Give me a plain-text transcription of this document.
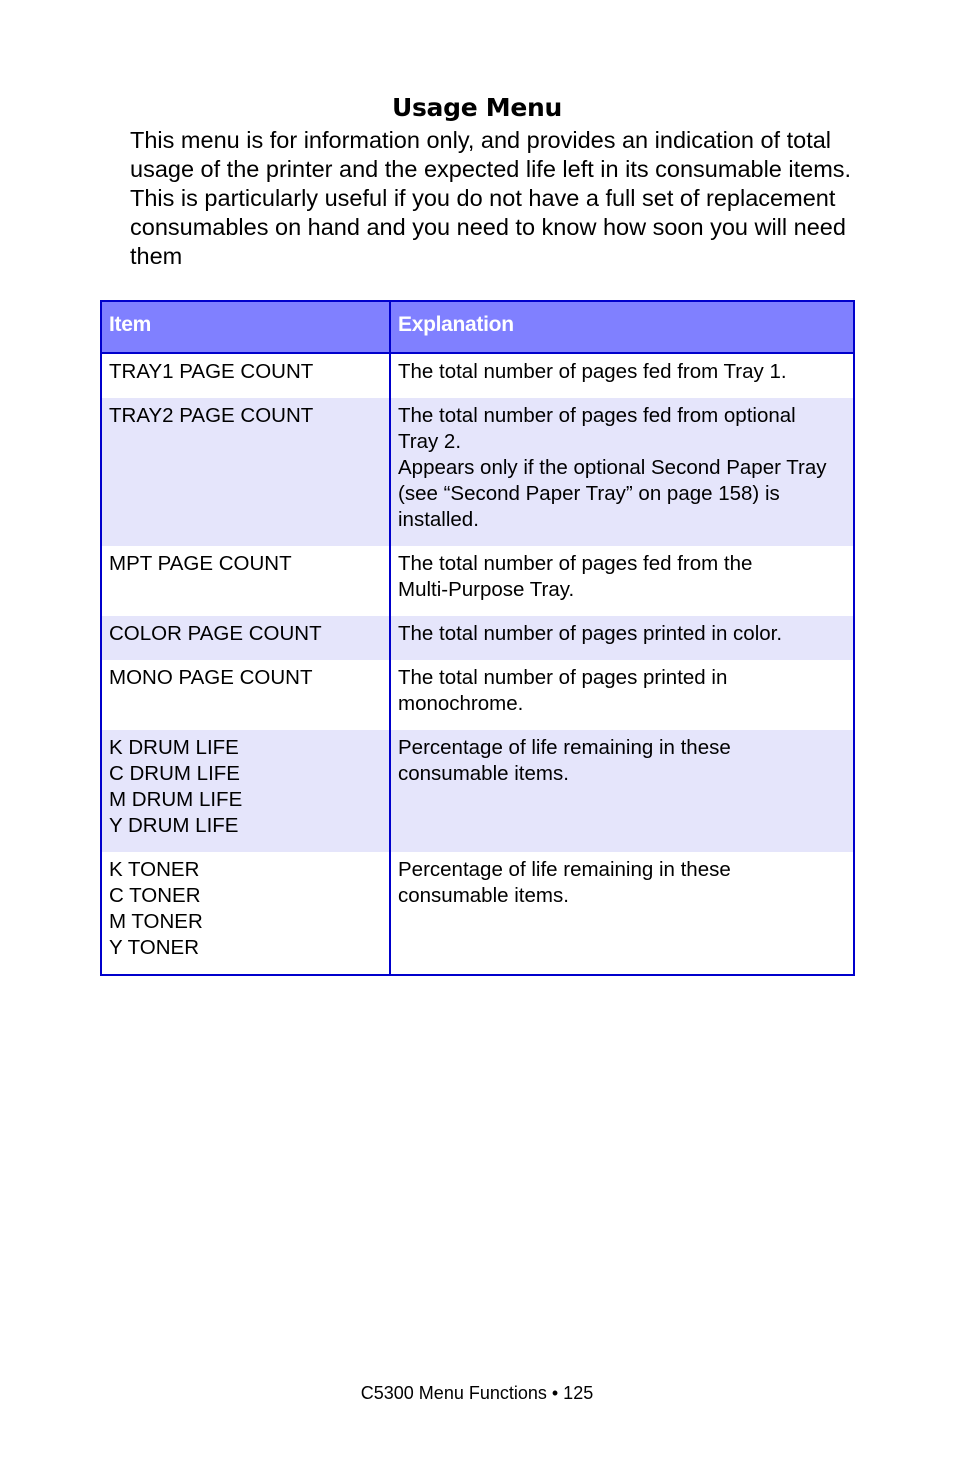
Usage Menu

This menu is for information only, and provides an indication of total
usage of the printer and the expected life left in its consumable items.
This is particularly useful if you do not have a full set of replacement
consumables on hand and you need to know how soon you will need
them

Item	Explanation

TRAY1 PAGE COUNT	The total number of pages fed from Tray 1.

TRAY2 PAGE COUNT	The total number of pages fed from optional
Tray 2.
Appears only if the optional Second Paper Tray
(see “Second Paper Tray” on page 158) is
installed.

MPT PAGE COUNT	The total number of pages fed from the
Multi-Purpose Tray.

COLOR PAGE COUNT	The total number of pages printed in color.

MONO PAGE COUNT	The total number of pages printed in
monochrome.

K DRUM LIFE
C DRUM LIFE
M DRUM LIFE
Y DRUM LIFE	Percentage of life remaining in these
consumable items.

K TONER
C TONER
M TONER
Y TONER	Percentage of life remaining in these
consumable items.
C5300 Menu Functions • 125
